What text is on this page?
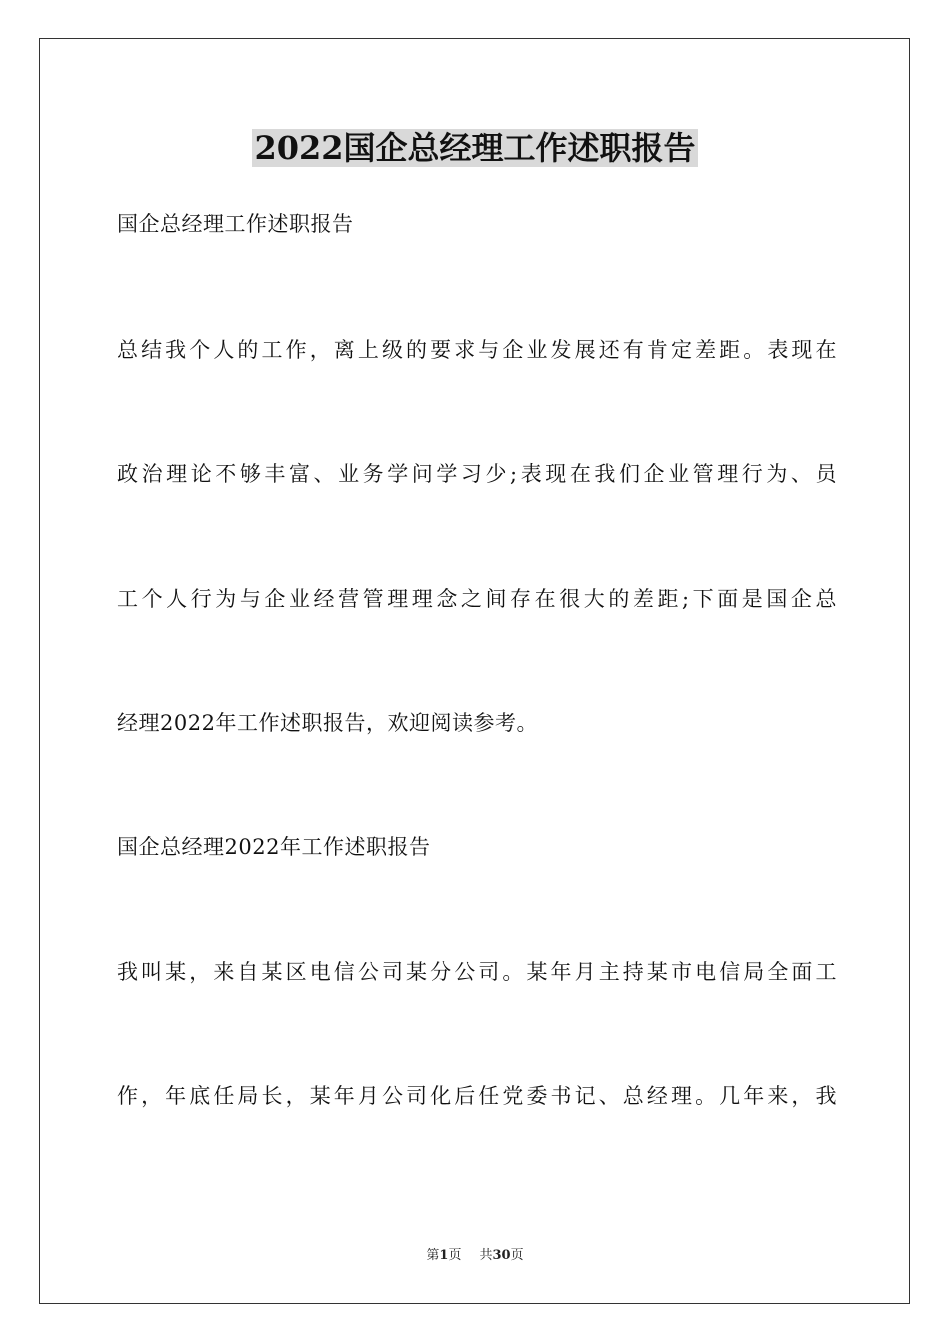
2022国企总经理工作述职报告

国企总经理工作述职报告

总结我个人的工作，离上级的要求与企业发展还有肯定差距。表现在

政治理论不够丰富、业务学问学习少;表现在我们企业管理行为、员

工个人行为与企业经营管理理念之间存在很大的差距;下面是国企总

经理2022年工作述职报告，欢迎阅读参考。

国企总经理2022年工作述职报告

我叫某，来自某区电信公司某分公司。某年月主持某市电信局全面工

作，年底任局长，某年月公司化后任党委书记、总经理。几年来，我

第1页 共30页
